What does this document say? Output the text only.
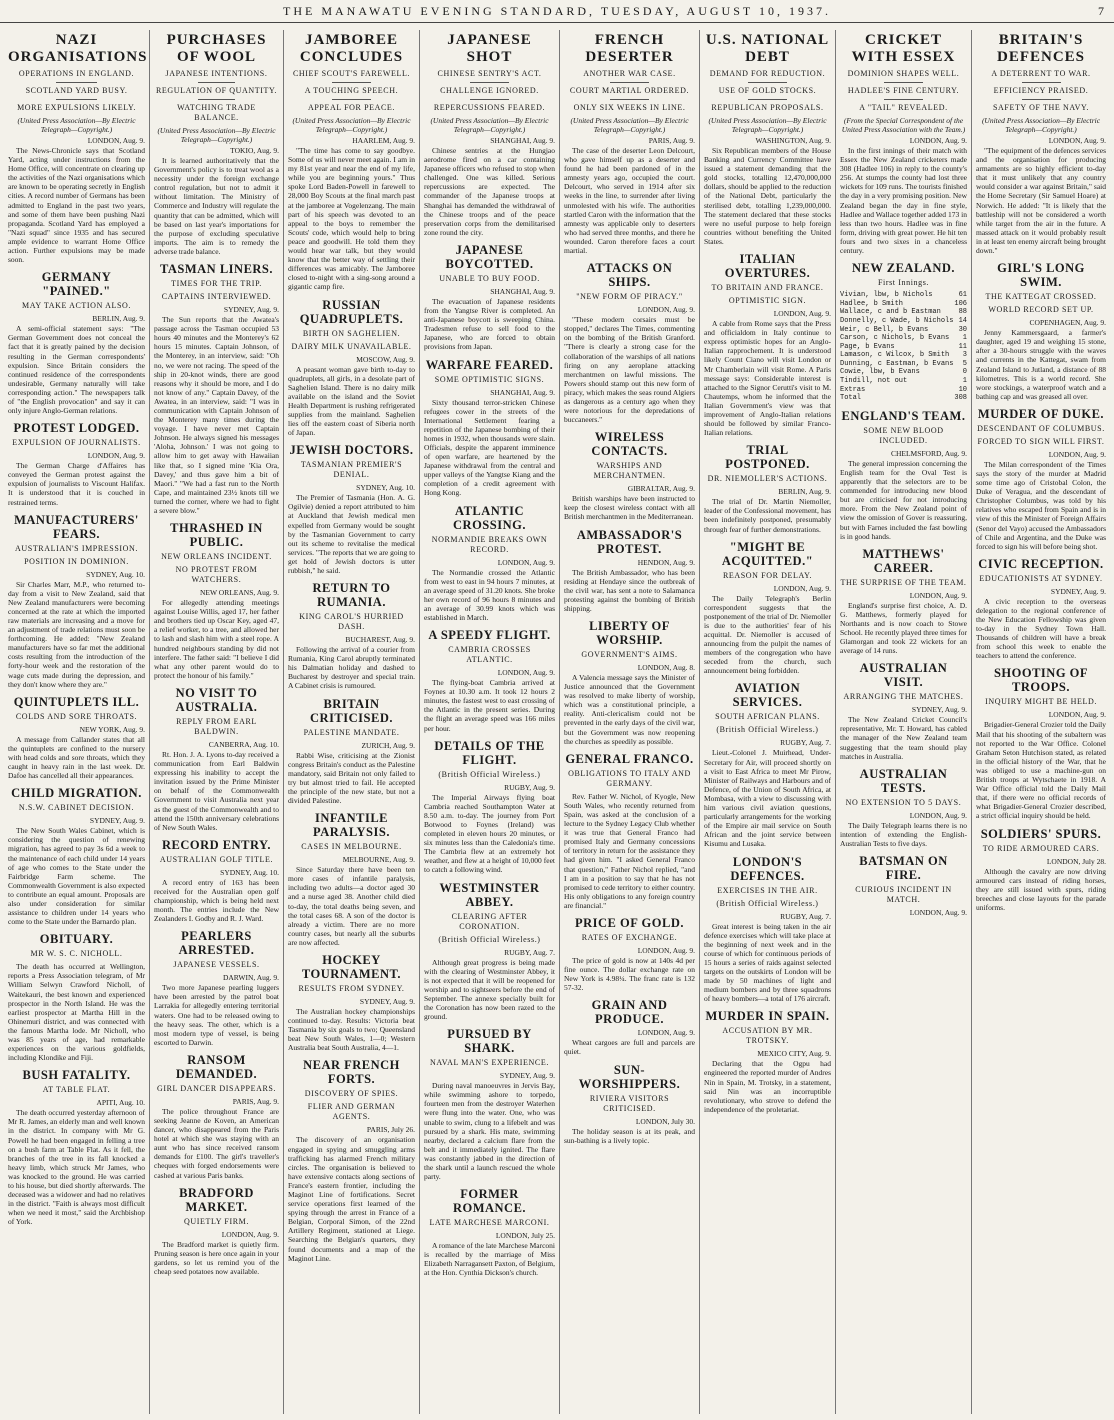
THE MANAWATU EVENING STANDARD, TUESDAY, AUGUST 10, 1937.	7
NAZI ORGANISATIONS
OPERATIONS IN ENGLAND.
SCOTLAND YARD BUSY.
MORE EXPULSIONS LIKELY.
(United Press Association—By Electric Telegraph—Copyright.)
LONDON, Aug. 9.

The News-Chronicle says that Scotland Yard, acting under instructions from the Home Office, will concentrate on clearing up the activities of the Nazi organisations which are known to be operating secretly in English cities. A record number of Germans has been admitted to England in the past two years, and some of them have been pushing Nazi propaganda. Scotland Yard has employed a "Nazi squad" since 1935 and has secured ample evidence to warrant Home Office action. Further expulsions may be made soon.

GERMANY "PAINED."
MAY TAKE ACTION ALSO.
BERLIN, Aug. 9.

A semi-official statement says: "The German Government does not conceal the fact that it is greatly pained by the decision resulting in the German correspondents' expulsion. Since Britain considers the continued residence of the correspondents undesirable, Germany naturally will take corresponding action." The newspapers talk of "the English provocation" and say it can only injure Anglo-German relations.

PROTEST LODGED.
EXPULSION OF JOURNALISTS.
LONDON, Aug. 9.

The German Charge d'Affaires has conveyed the German protest against the expulsion of journalists to Viscount Halifax. It is understood that it is couched in restrained terms.

MANUFACTURERS' FEARS.
AUSTRALIAN'S IMPRESSION.
POSITION IN DOMINION.
SYDNEY, Aug. 10.

Sir Charles Marr, M.P., who returned to-day from a visit to New Zealand, said that New Zealand manufacturers were becoming concerned at the rate at which the imported raw materials are increasing and a move for an adjustment of trade relations must soon be forthcoming. He added: "New Zealand manufacturers have so far met the additional costs resulting from the introduction of the forty-hour week and the restoration of the wage cuts made during the depression, and they don't know where they are."

QUINTUPLETS ILL.
COLDS AND SORE THROATS.
NEW YORK, Aug. 9.

A message from Callander states that all the quintuplets are confined to the nursery with head colds and sore throats, which they caught in heavy rain in the last week. Dr. Dafoe has cancelled all their appearances.

CHILD MIGRATION.
N.S.W. CABINET DECISION.
SYDNEY, Aug. 9.

The New South Wales Cabinet, which is considering the question of renewing migration, has agreed to pay 3s 6d a week to the maintenance of each child under 14 years of age who comes to the State under the Fairbridge Farm scheme. The Commonwealth Government is also expected to contribute an equal amount. Proposals are also under consideration for similar assistance to children under 14 years who come to the State under the Barnardo plan.

OBITUARY.
MR W. S. C. NICHOLL.

The death has occurred at Wellington, reports a Press Association telegram, of Mr William Selwyn Crawford Nicholl, of Waitekauri, the best known and experienced prospector in the North Island. He was the earliest prospector at Martha Hill in the Ohinemuri district, and was connected with the famous Martha lode. Mr Nicholl, who was 85 years of age, had remarkable experiences on the various goldfields, including Klondike and Fiji.

BUSH FATALITY.
AT TABLE FLAT.
APITI, Aug. 10.

The death occurred yesterday afternoon of Mr R. James, an elderly man and well known in the district. In company with Mr G. Powell he had been engaged in felling a tree on a bush farm at Table Flat. As it fell, the branches of the tree in its fall knocked a heavy limb, which struck Mr James, who was knocked to the ground. He was carried to his house, but died shortly afterwards. The deceased was a widower and had no relatives in the district. "Faith is always most difficult when we need it most," said the Archbishop of York.

PURCHASES OF WOOL
JAPANESE INTENTIONS.
REGULATION OF QUANTITY.
WATCHING TRADE BALANCE.
(United Press Association—By Electric Telegraph—Copyright.)
TOKIO, Aug. 9.

It is learned authoritatively that the Government's policy is to treat wool as a necessity under the foreign exchange control regulation, but not to admit it without limitation. The Ministry of Commerce and Industry will regulate the quantity that can be admitted, which will be based on last year's importations for the purpose of excluding speculative imports. The aim is to remedy the adverse trade balance.

TASMAN LINERS.
TIMES FOR THE TRIP.
CAPTAINS INTERVIEWED.
SYDNEY, Aug. 9.

The Sun reports that the Awatea's passage across the Tasman occupied 53 hours 40 minutes and the Monterey's 62 hours 15 minutes. Captain Johnson, of the Monterey, in an interview, said: "Oh no, we were not racing. The speed of the ship in 20-knot winds, there are good reasons why it should be more, and I do not know of any." Captain Davey, of the Awatea, in an interview, said: "I was in communication with Captain Johnson of the Monterey many times during the voyage. I have never met Captain Johnson. He always signed his messages 'Aloha, Johnson.' I was not going to allow him to get away with Hawaiian like that, so I signed mine 'Kia Ora, Davey,' and thus gave him a bit of Maori." "We had a fast run to the North Cape, and maintained 23½ knots till we turned the corner, where we had to fight a severe blow."

THRASHED IN PUBLIC.
NEW ORLEANS INCIDENT.
NO PROTEST FROM WATCHERS.
NEW ORLEANS, Aug. 9.

For allegedly attending meetings against Louise Willis, aged 17, her father and brothers tied up Oscar Key, aged 47, a relief worker, to a tree, and allowed her to lash and slash him with a steel rope. A hundred neighbours standing by did not interfere. The father said: "I believe I did what any other parent would do to protect the honour of his family."

NO VISIT TO AUSTRALIA.
REPLY FROM EARL BALDWIN.
CANBERRA, Aug. 10.

Rt. Hon. J. A. Lyons to-day received a communication from Earl Baldwin expressing his inability to accept the invitation issued by the Prime Minister on behalf of the Commonwealth Government to visit Australia next year as the guest of the Commonwealth and to attend the 150th anniversary celebrations of New South Wales.

RECORD ENTRY.
AUSTRALIAN GOLF TITLE.
SYDNEY, Aug. 10.

A record entry of 163 has been received for the Australian open golf championship, which is being held next month. The entries include the New Zealanders I. Godby and R. J. Ward.

PEARLERS ARRESTED.
JAPANESE VESSELS.
DARWIN, Aug. 9.

Two more Japanese pearling luggers have been arrested by the patrol boat Larrakia for allegedly entering territorial waters. One had to be released owing to the heavy seas. The other, which is a most modern type of vessel, is being escorted to Darwin.

RANSOM DEMANDED.
GIRL DANCER DISAPPEARS.
PARIS, Aug. 9.

The police throughout France are seeking Jeanne de Koven, an American dancer, who disappeared from the Paris hotel at which she was staying with an aunt who has since received ransom demands for £100. The girl's traveller's cheques with forged endorsements were cashed at various Paris banks.

BRADFORD MARKET.
QUIETLY FIRM.
LONDON, Aug. 9.

The Bradford market is quietly firm. Pruning season is here once again in your gardens, so let us remind you of the cheap seed potatoes now available.

JAMBOREE CONCLUDES
CHIEF SCOUT'S FAREWELL.
A TOUCHING SPEECH.
APPEAL FOR PEACE.
(United Press Association—By Electric Telegraph—Copyright.)
HAARLEM, Aug. 9.

"The time has come to say goodbye. Some of us will never meet again. I am in my 81st year and near the end of my life, while you are beginning yours." Thus spoke Lord Baden-Powell in farewell to 28,000 Boy Scouts at the final march past at the jamboree at Vogelenzang. The main part of his speech was devoted to an appeal to the boys to remember the Scouts' code, which would help to bring peace and goodwill. He told them they would hear war talk, but they would know that the better way of settling their differences was amicably. The Jamboree closed to-night with a sing-song around a gigantic camp fire.

RUSSIAN QUADRUPLETS.
BIRTH ON SAGHELIEN.
DAIRY MILK UNAVAILABLE.
MOSCOW, Aug. 9.

A peasant woman gave birth to-day to quadruplets, all girls, in a desolate part of Saghelien Island. There is no dairy milk available on the island and the Soviet Health Department is rushing refrigerated supplies from the mainland. Saghelien lies off the eastern coast of Siberia north of Japan.

JEWISH DOCTORS.
TASMANIAN PREMIER'S DENIAL.
SYDNEY, Aug. 10.

The Premier of Tasmania (Hon. A. G. Ogilvie) denied a report attributed to him at Auckland that Jewish medical men expelled from Germany would be sought by the Tasmanian Government to carry out its scheme to revitalise the medical services. "The reports that we are going to get hold of Jewish doctors is utter rubbish," he said.

RETURN TO RUMANIA.
KING CAROL'S HURRIED DASH.
BUCHAREST, Aug. 9.

Following the arrival of a courier from Rumania, King Carol abruptly terminated his Dalmatian holiday and dashed to Bucharest by destroyer and special train. A Cabinet crisis is rumoured.

BRITAIN CRITICISED.
PALESTINE MANDATE.
ZURICH, Aug. 9.

Rabbi Wise, criticising at the Zionist congress Britain's conduct as the Palestine mandatory, said Britain not only failed to try but almost tried to fail. He accepted the principle of the new state, but not a divided Palestine.

INFANTILE PARALYSIS.
CASES IN MELBOURNE.
MELBOURNE, Aug. 9.

Since Saturday there have been ten more cases of infantile paralysis, including two adults—a doctor aged 30 and a nurse aged 38. Another child died to-day, the total deaths being seven, and the total cases 68. A son of the doctor is already a victim. There are no more country cases, but nearly all the suburbs are now affected.

HOCKEY TOURNAMENT.
RESULTS FROM SYDNEY.
SYDNEY, Aug. 9.

The Australian hockey championships continued to-day. Results: Victoria beat Tasmania by six goals to two; Queensland beat New South Wales, 1—0; Western Australia beat South Australia, 4—1.

NEAR FRENCH FORTS.
DISCOVERY OF SPIES.
FLIER AND GERMAN AGENTS.
PARIS, July 26.

The discovery of an organisation engaged in spying and smuggling arms trafficking has alarmed French military circles. The organisation is believed to have extensive contacts along sections of France's eastern frontier, including the Maginot Line of fortifications. Secret service operations first learned of the spying through the arrest in France of a Belgian, Corporal Simon, of the 22nd Artillery Regiment, stationed at Liege. Searching the Belgian's quarters, they found documents and a map of the Maginot Line.

JAPANESE SHOT
CHINESE SENTRY'S ACT.
CHALLENGE IGNORED.
REPERCUSSIONS FEARED.
(United Press Association—By Electric Telegraph—Copyright.)
SHANGHAI, Aug. 9.

Chinese sentries at the Hungjao aerodrome fired on a car containing Japanese officers who refused to stop when challenged. One was killed. Serious repercussions are expected. The commander of the Japanese troops at Shanghai has demanded the withdrawal of the Chinese troops and of the peace preservation corps from the demilitarised zone round the city.

JAPANESE BOYCOTTED.
UNABLE TO BUY FOOD.
SHANGHAI, Aug. 9.

The evacuation of Japanese residents from the Yangtse River is completed. An anti-Japanese boycott is sweeping China. Tradesmen refuse to sell food to the Japanese, who are forced to obtain provisions from Japan.

WARFARE FEARED.
SOME OPTIMISTIC SIGNS.
SHANGHAI, Aug. 9.

Sixty thousand terror-stricken Chinese refugees cower in the streets of the International Settlement fearing a repetition of the Japanese bombing of their homes in 1932, when thousands were slain. Officials, despite the apparent imminence of open warfare, are heartened by the Japanese withdrawal from the central and upper valleys of the Yangtse Kiang and the completion of a credit agreement with Hong Kong.

ATLANTIC CROSSING.
NORMANDIE BREAKS OWN RECORD.
LONDON, Aug. 9.

The Normandie crossed the Atlantic from west to east in 94 hours 7 minutes, at an average speed of 31.20 knots. She broke her own record of 96 hours 8 minutes and an average of 30.99 knots which was established in March.

A SPEEDY FLIGHT.
CAMBRIA CROSSES ATLANTIC.
LONDON, Aug. 9.

The flying-boat Cambria arrived at Foynes at 10.30 a.m. It took 12 hours 2 minutes, the fastest west to east crossing of the Atlantic in the present series. During the flight an average speed was 166 miles per hour.

DETAILS OF THE FLIGHT.
(British Official Wireless.)
RUGBY, Aug. 9.

The Imperial Airways flying boat Cambria reached Southampton Water at 8.50 a.m. to-day. The journey from Port Botwood to Foynes (Ireland) was completed in eleven hours 20 minutes, or six minutes less than the Caledonia's time. The Cambria flew at an extremely hot weather, and flew at a height of 10,000 feet to catch a following wind.

WESTMINSTER ABBEY.
CLEARING AFTER CORONATION.
(British Official Wireless.)
RUGBY, Aug. 7.

Although great progress is being made with the clearing of Westminster Abbey, it is not expected that it will be reopened for worship and to sightseers before the end of September. The annexe specially built for the Coronation has now been razed to the ground.

PURSUED BY SHARK.
NAVAL MAN'S EXPERIENCE.
SYDNEY, Aug. 9.

During naval manoeuvres in Jervis Bay, while swimming ashore to torpedo, fourteen men from the destroyer Waterhen were flung into the water. One, who was unable to swim, clung to a lifebelt and was pursued by a shark. His mate, swimming nearby, declared a calcium flare from the belt and it immediately ignited. The flare was constantly jabbed in the direction of the shark until a launch rescued the whole party.

FORMER ROMANCE.
LATE MARCHESE MARCONI.
LONDON, July 25.

A romance of the late Marchese Marconi is recalled by the marriage of Miss Elizabeth Narragansett Paxton, of Belgium, at the Hon. Cynthia Dickson's church.

FRENCH DESERTER
ANOTHER WAR CASE.
COURT MARTIAL ORDERED.
ONLY SIX WEEKS IN LINE.
(United Press Association—By Electric Telegraph—Copyright.)
PARIS, Aug. 9.

The case of the deserter Leon Delcourt, who gave himself up as a deserter and found he had been pardoned of in the amnesty years ago, occupied the court. Delcourt, who served in 1914 after six weeks in the line, to surrender after living unmolested with his wife. The authorities startled Caron with the information that the amnesty was applicable only to deserters who had served three months, and there he wounded. Caron therefore faces a court martial.

ATTACKS ON SHIPS.
"NEW FORM OF PIRACY."
LONDON, Aug. 9.

"These modern corsairs must be stopped," declares The Times, commenting on the bombing of the British Granford. "There is clearly a strong case for the collaboration of the warships of all nations firing on any aeroplane attacking merchantmen on lawful missions. The Powers should stamp out this new form of piracy, which makes the seas round Algiers as dangerous as a century ago when they were notorious for the depredations of buccaneers."

WIRELESS CONTACTS.
WARSHIPS AND MERCHANTMEN.
GIBRALTAR, Aug. 9.

British warships have been instructed to keep the closest wireless contact with all British merchantmen in the Mediterranean.

AMBASSADOR'S PROTEST.
HENDON, Aug. 9.

The British Ambassador, who has been residing at Hendaye since the outbreak of the civil war, has sent a note to Salamanca protesting against the bombing of British shipping.

LIBERTY OF WORSHIP.
GOVERNMENT'S AIMS.
LONDON, Aug. 8.

A Valencia message says the Minister of Justice announced that the Government was resolved to make liberty of worship, which was a constitutional principle, a reality. Anti-clericalism could not be prevented in the early days of the civil war, but the Government was now reopening the churches as speedily as possible.

GENERAL FRANCO.
OBLIGATIONS TO ITALY AND GERMANY.

Rev. Father W. Nichol, of Kyogle, New South Wales, who recently returned from Spain, was asked at the conclusion of a lecture to the Sydney Legacy Club whether it was true that General Franco had promised Italy and Germany concessions of territory in return for the assistance they had given him. "I asked General Franco that question," Father Nichol replied, "and I am in a position to say that he has not promised to cede territory to either country. His only obligations to any foreign country are financial."

PRICE OF GOLD.
RATES OF EXCHANGE.
LONDON, Aug. 9.

The price of gold is now at 140s 4d per fine ounce. The dollar exchange rate on New York is 4.98¼. The franc rate is 132 57-32.

GRAIN AND PRODUCE.
LONDON, Aug. 9.

Wheat cargoes are full and parcels are quiet.

SUN-WORSHIPPERS.
RIVIERA VISITORS CRITICISED.
LONDON, July 30.

The holiday season is at its peak, and sun-bathing is a lively topic.

U.S. NATIONAL DEBT
DEMAND FOR REDUCTION.
USE OF GOLD STOCKS.
REPUBLICAN PROPOSALS.
(United Press Association—By Electric Telegraph—Copyright.)
WASHINGTON, Aug. 9.

Six Republican members of the House Banking and Currency Committee have issued a statement demanding that the gold stocks, totalling 12,470,000,000 dollars, should be applied to the reduction of the National Debt, particularly the sterilised debt, totalling 1,239,000,000. The statement declared that these stocks were no useful purpose to help foreign countries without benefiting the United States.

ITALIAN OVERTURES.
TO BRITAIN AND FRANCE.
OPTIMISTIC SIGN.
LONDON, Aug. 9.

A cable from Rome says that the Press and officialdom in Italy continue to express optimistic hopes for an Anglo-Italian rapprochement. It is understood likely Count Ciano will visit London or Mr Chamberlain will visit Rome. A Paris message says: Considerable interest is attached to the Signor Cerutti's visit to M. Chautemps, whom he informed that the Italian Government's view was that improvement of Anglo-Italian relations should be followed by similar Franco-Italian relations.

TRIAL POSTPONED.
DR. NIEMOLLER'S ACTIONS.
BERLIN, Aug. 9.

The trial of Dr. Martin Niemoller, leader of the Confessional movement, has been indefinitely postponed, presumably through fear of further demonstrations.

"MIGHT BE ACQUITTED."
REASON FOR DELAY.
LONDON, Aug. 9.

The Daily Telegraph's Berlin correspondent suggests that the postponement of the trial of Dr. Niemoller is due to the authorities' fear of his acquittal. Dr. Niemoller is accused of announcing from the pulpit the names of members of the congregation who have seceded from the church, such announcement being forbidden.

AVIATION SERVICES.
SOUTH AFRICAN PLANS.
(British Official Wireless.)
RUGBY, Aug. 7.

Lieut.-Colonel J. Muirhead, Under-Secretary for Air, will proceed shortly on a visit to East Africa to meet Mr Pirow, Minister of Railways and Harbours and of Defence, of the Union of South Africa, at Mombasa, with a view to discussing with him various civil aviation questions, particularly arrangements for the working of the Empire air mail service on South African and the joint service between Kisumu and Lusaka.

LONDON'S DEFENCES.
EXERCISES IN THE AIR.
(British Official Wireless.)
RUGBY, Aug. 7.

Great interest is being taken in the air defence exercises which will take place at the beginning of next week and in the course of which for continuous periods of 15 hours a series of raids against selected targets on the outskirts of London will be made by 50 machines of light and medium bombers and by three squadrons of heavy bombers—a total of 176 aircraft.

MURDER IN SPAIN.
ACCUSATION BY MR. TROTSKY.
MEXICO CITY, Aug. 9.

Declaring that the Ogpu had engineered the reported murder of Andres Nin in Spain, M. Trotsky, in a statement, said Nin was an incorruptible revolutionary, who strove to defend the independence of the proletariat.

CRICKET WITH ESSEX
DOMINION SHAPES WELL.
HADLEE'S FINE CENTURY.
A "TAIL" REVEALED.
(From the Special Correspondent of the United Press Association with the Team.)
LONDON, Aug. 9.

In the first innings of their match with Essex the New Zealand cricketers made 308 (Hadlee 106) in reply to the county's 256. At stumps the county had lost three wickets for 109 runs. The tourists finished the day in a very promising position. New Zealand began the day in fine style, Hadlee and Wallace together added 173 in less than two hours. Hadlee was in fine form, driving with great power. He hit ten fours and two sixes in a chanceless century.

NEW ZEALAND.
First Innings.
Vivian, lbw, b Nichols	61
Hadlee, b Smith	106
Wallace, c and b Eastman	88
Donnelly, c Wade, b Nichols 14
Weir, c Bell, b Evans	30
Carson, c Nichols, b Evans 1
Page, b Evans	11
Lamason, c Wilcox, b Smith 3
Dunning, c Eastman, b Evans 5
Cowie, lbw, b Evans	0
Tindill, not out	1
Extras	10
Total	308
ENGLAND'S TEAM.
SOME NEW BLOOD INCLUDED.
CHELMSFORD, Aug. 9.

The general impression concerning the English team for the Oval Test is apparently that the selectors are to be commended for introducing new blood but are criticised for not introducing more. From the New Zealand point of view the omission of Gover is reassuring, but with Farnes included the fast bowling is in good hands.

MATTHEWS' CAREER.
THE SURPRISE OF THE TEAM.
LONDON, Aug. 9.

England's surprise first choice, A. D. G. Matthews, formerly played for Northants and is now coach to Stowe School. He recently played three times for Glamorgan and took 22 wickets for an average of 14 runs.

AUSTRALIAN VISIT.
ARRANGING THE MATCHES.
SYDNEY, Aug. 9.

The New Zealand Cricket Council's representative, Mr. T. Howard, has cabled the manager of the New Zealand team suggesting that the team should play matches in Australia.

AUSTRALIAN TESTS.
NO EXTENSION TO 5 DAYS.
LONDON, Aug. 9.

The Daily Telegraph learns there is no intention of extending the English-Australian Tests to five days.

BATSMAN ON FIRE.
CURIOUS INCIDENT IN MATCH.
LONDON, Aug. 9.
BRITAIN'S DEFENCES
A DETERRENT TO WAR.
EFFICIENCY PRAISED.
SAFETY OF THE NAVY.
(United Press Association—By Electric Telegraph—Copyright.)
LONDON, Aug. 9.

"The equipment of the defences services and the organisation for producing armaments are so highly efficient to-day that it must unlikely that any country would consider a war against Britain," said the Home Secretary (Sir Samuel Hoare) at Norwich. He added: "It is likely that the battleship will not be considered a worth while target from the air in the future. A massed attack on it would probably result in at least ten enemy aircraft being brought down."

GIRL'S LONG SWIM.
THE KATTEGAT CROSSED.
WORLD RECORD SET UP.
COPENHAGEN, Aug. 9.

Jenny Kammersgaard, a farmer's daughter, aged 19 and weighing 15 stone, after a 30-hours struggle with the waves and currents in the Kattegat, swam from Zealand Island to Jutland, a distance of 88 kilometres. This is a world record. She wore stockings, a waterproof watch and a bathing cap and was greased all over.

MURDER OF DUKE.
DESCENDANT OF COLUMBUS.
FORCED TO SIGN WILL FIRST.
LONDON, Aug. 9.

The Milan correspondent of the Times says the story of the murder at Madrid some time ago of Cristobal Colon, the Duke of Veragua, and the descendant of Christopher Columbus, was told by his relatives who escaped from Spain and is in view of this the Minister of Foreign Affairs (Senor del Vayo) accused the Ambassadors of Chile and Argentina, and the Duke was forced to sign his will before being shot.

CIVIC RECEPTION.
EDUCATIONISTS AT SYDNEY.
SYDNEY, Aug. 9.

A civic reception to the overseas delegation to the regional conference of the New Education Fellowship was given to-day in the Sydney Town Hall. Thousands of children will have a break from school this week to enable the teachers to attend the conference.

SHOOTING OF TROOPS.
INQUIRY MIGHT BE HELD.
LONDON, Aug. 9.

Brigadier-General Crozier told the Daily Mail that his shooting of the subaltern was not reported to the War Office. Colonel Graham Seton Hutchison stated, as related in the official history of the War, that he was obliged to use a machine-gun on British troops at Wytschaete in 1918. A War Office official told the Daily Mail that, if there were no official records of what Brigadier-General Crozier described, a strict official inquiry should be held.

SOLDIERS' SPURS.
TO RIDE ARMOURED CARS.
LONDON, July 28.

Although the cavalry are now driving armoured cars instead of riding horses, they are still issued with spurs, riding breeches and close layouts for the parade uniforms.
